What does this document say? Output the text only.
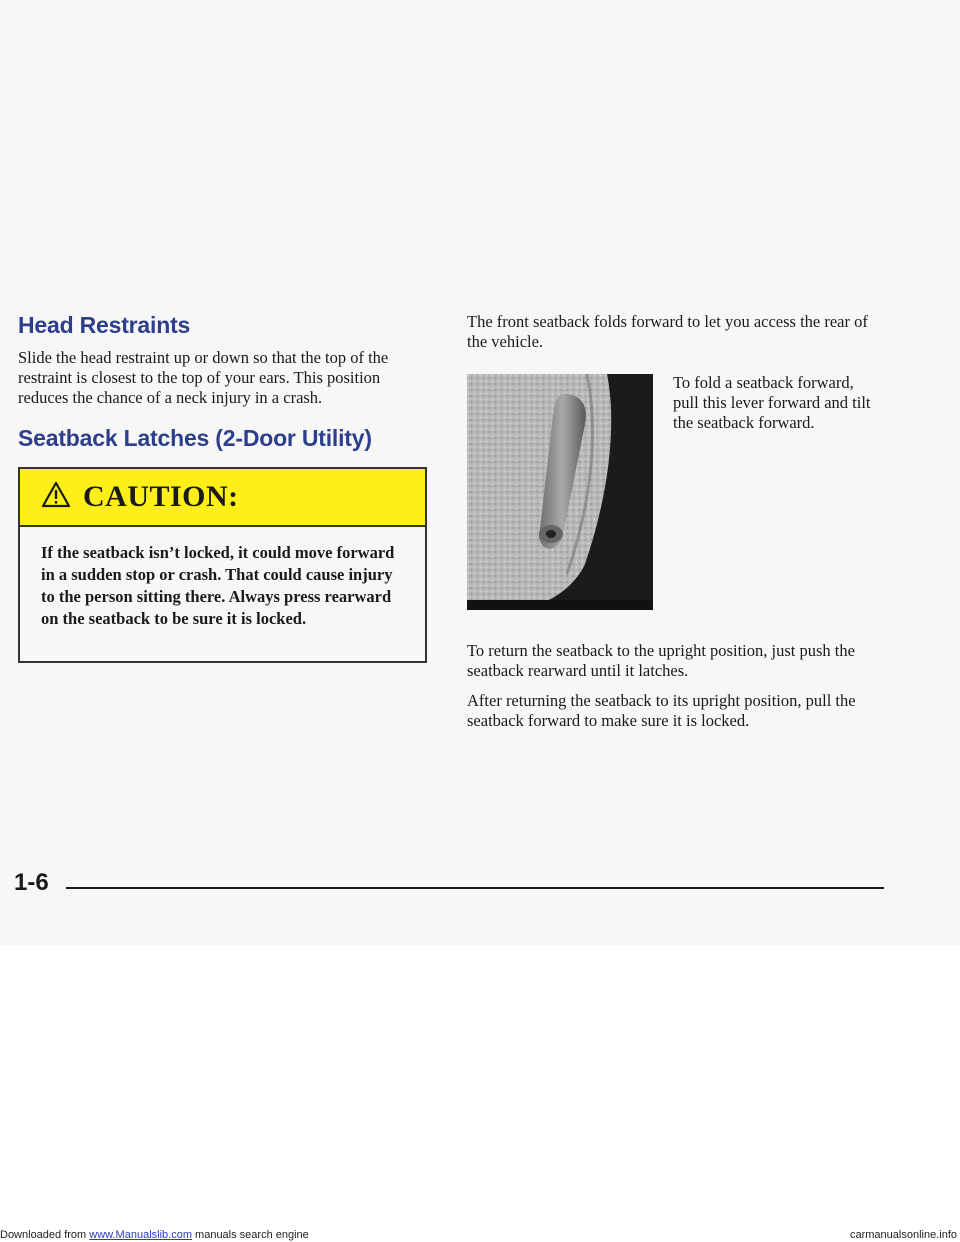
Head Restraints

Slide the head restraint up or down so that the top of the restraint is closest to the top of your ears. This position reduces the chance of a neck injury in a crash.

Seatback Latches (2-Door Utility)
CAUTION:
If the seatback isn’t locked, it could move forward in a sudden stop or crash. That could cause injury to the person sitting there. Always press rearward on the seatback to be sure it is locked.

The front seatback folds forward to let you access the rear of the vehicle.

To fold a seatback forward, pull this lever forward and tilt the seatback forward.

To return the seatback to the upright position, just push the seatback rearward until it latches.

After returning the seatback to its upright position, pull the seatback forward to make sure it is locked.

1-6
Downloaded from www.Manualslib.com manuals search engine	carmanualsonline.info
